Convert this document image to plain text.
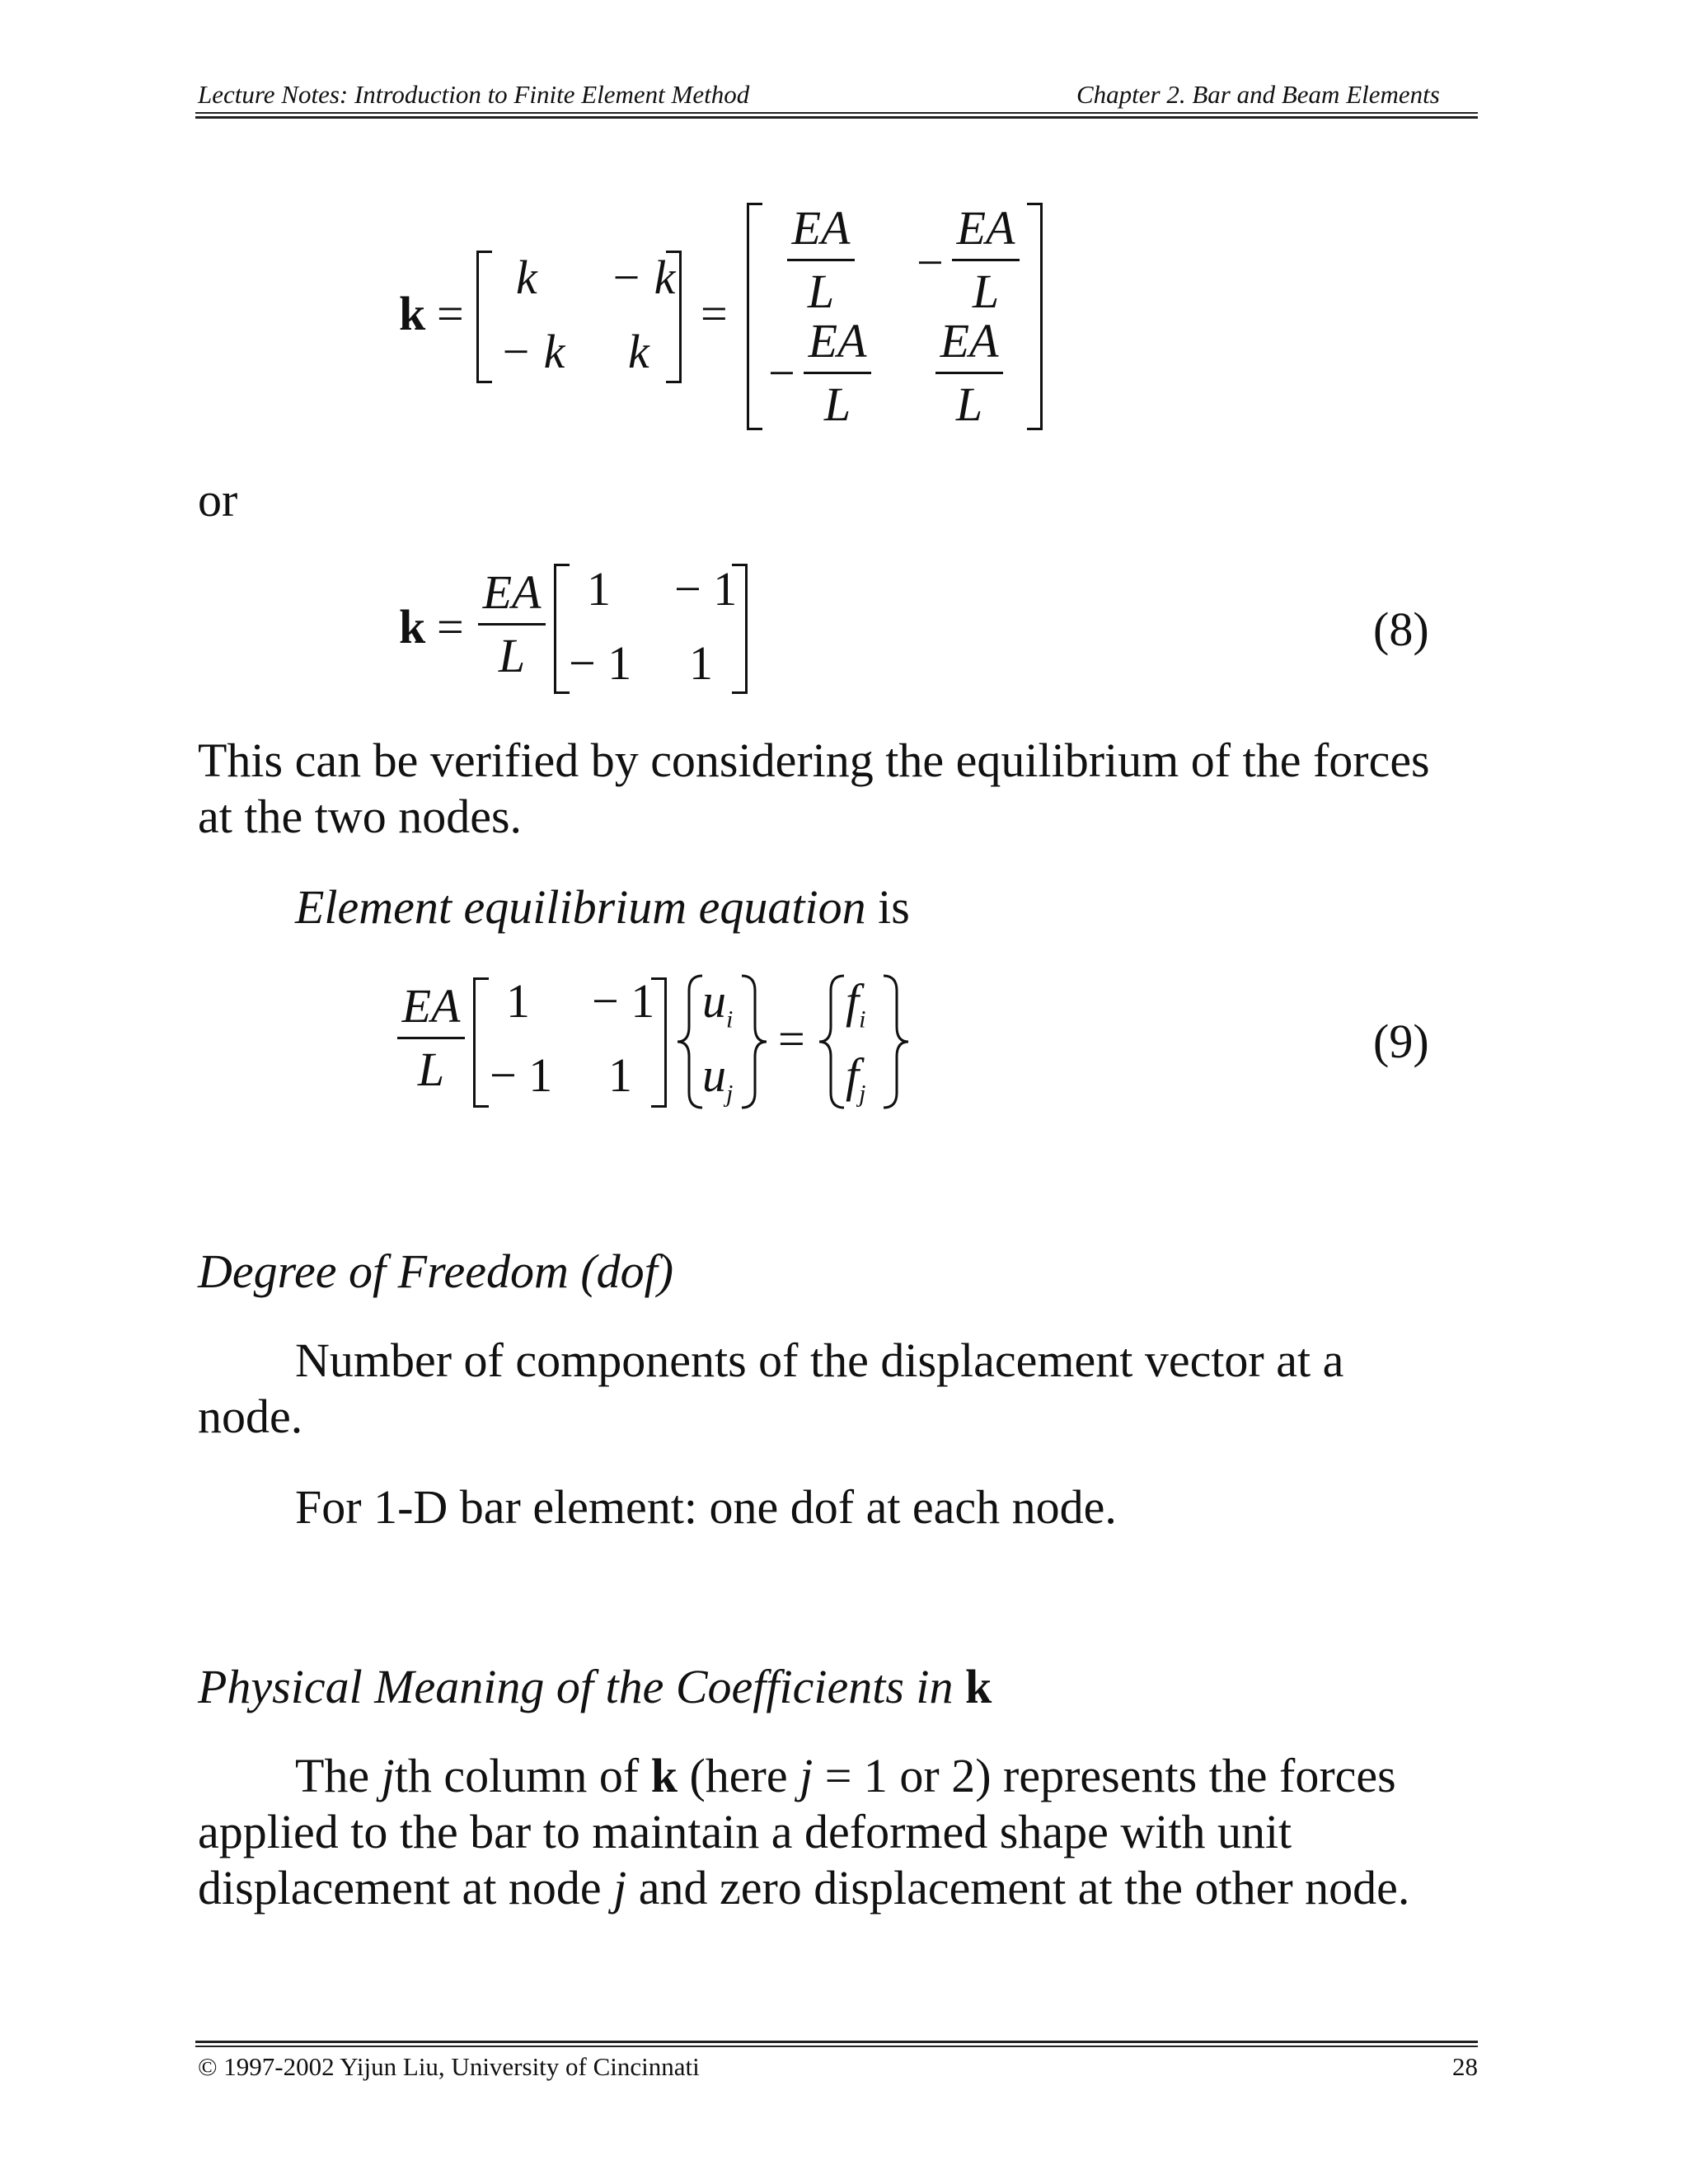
Lecture Notes: Introduction to Finite Element Method	Chapter 2. Bar and Beam Elements
k =
k − k
− k k
=
EA
L
−
EA
L
−
EA
L
EA
L
or
k =
EA
L
1 − 1
− 1 1
(8)
This can be verified by considering the equilibrium of the forces
at the two nodes.
Element equilibrium equation is
EA
L
1 − 1
− 1 1
$u_i$
$u_j$
=
$f_i$
$f_j$
(9)
Degree of Freedom (dof)
Number of components of the displacement vector at a
node.
For 1-D bar element: one dof at each node.
Physical Meaning of the Coefficients in k
The jth column of k (here j = 1 or 2) represents the forces
applied to the bar to maintain a deformed shape with unit
displacement at node j and zero displacement at the other node.
© 1997-2002 Yijun Liu, University of Cincinnati	28
